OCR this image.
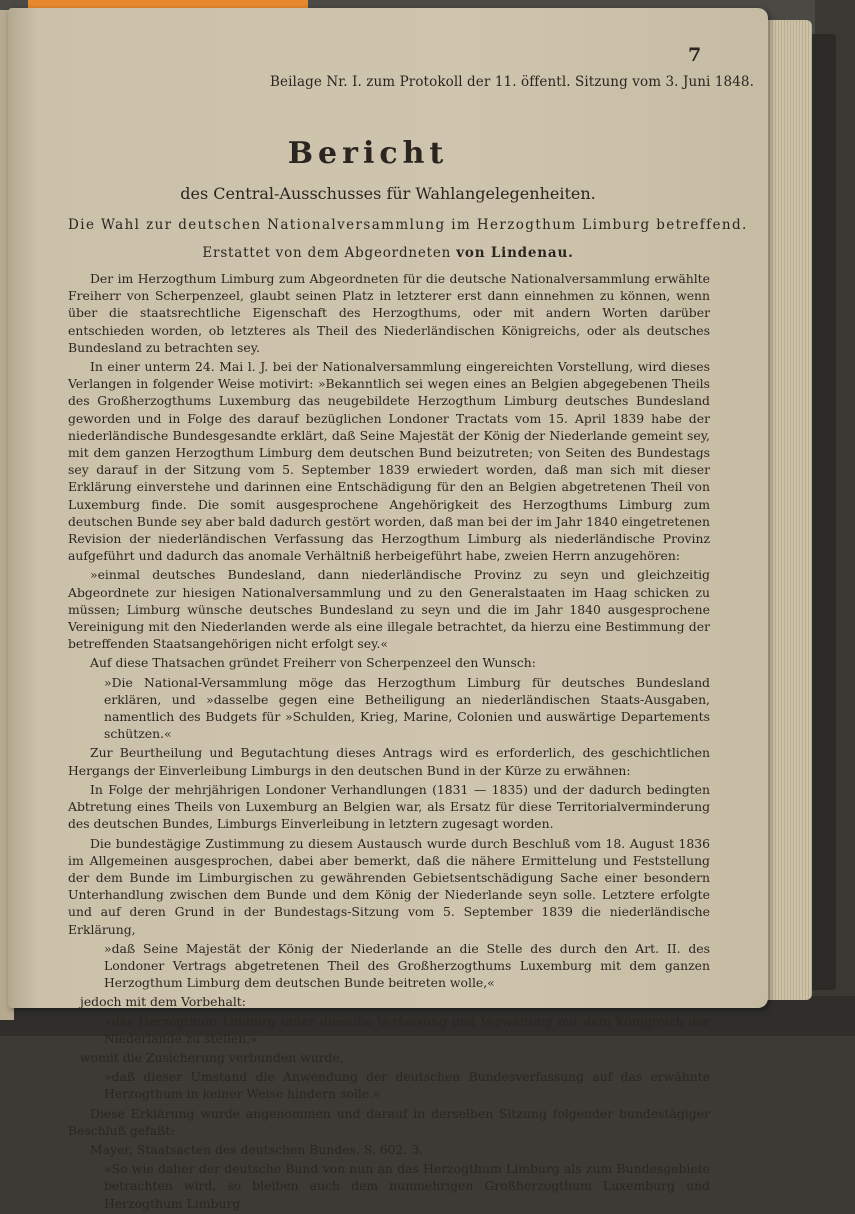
7
Beilage Nr. I. zum Protokoll der 11. öffentl. Sitzung vom 3. Juni 1848.
Bericht
des Central-Ausschusses für Wahlangelegenheiten.
Die Wahl zur deutschen Nationalversammlung im Herzogthum Limburg betreffend.
Erstattet von dem Abgeordneten von Lindenau.

Der im Herzogthum Limburg zum Abgeordneten für die deutsche Nationalversammlung erwählte Freiherr von Scherpenzeel, glaubt seinen Platz in letzterer erst dann einnehmen zu können, wenn über die staatsrechtliche Eigenschaft des Herzogthums, oder mit andern Worten darüber entschieden worden, ob letzteres als Theil des Niederländischen Königreichs, oder als deutsches Bundesland zu betrachten sey.

In einer unterm 24. Mai l. J. bei der Nationalversammlung eingereichten Vorstellung, wird dieses Verlangen in folgender Weise motivirt: »Bekanntlich sei wegen eines an Belgien abgegebenen Theils des Großherzogthums Luxemburg das neugebildete Herzogthum Limburg deutsches Bundesland geworden und in Folge des darauf bezüglichen Londoner Tractats vom 15. April 1839 habe der niederländische Bundesgesandte erklärt, daß Seine Majestät der König der Niederlande gemeint sey, mit dem ganzen Herzogthum Limburg dem deutschen Bund beizutreten; von Seiten des Bundestags sey darauf in der Sitzung vom 5. September 1839 erwiedert worden, daß man sich mit dieser Erklärung einverstehe und darinnen eine Entschädigung für den an Belgien abgetretenen Theil von Luxemburg finde. Die somit ausgesprochene Angehörigkeit des Herzogthums Limburg zum deutschen Bunde sey aber bald dadurch gestört worden, daß man bei der im Jahr 1840 eingetretenen Revision der niederländischen Verfassung das Herzogthum Limburg als niederländische Provinz aufgeführt und dadurch das anomale Verhältniß herbeigeführt habe, zweien Herrn anzugehören:

»einmal deutsches Bundesland, dann niederländische Provinz zu seyn und gleichzeitig Abgeordnete zur hiesigen Nationalversammlung und zu den Generalstaaten im Haag schicken zu müssen; Limburg wünsche deutsches Bundesland zu seyn und die im Jahr 1840 ausgesprochene Vereinigung mit den Niederlanden werde als eine illegale betrachtet, da hierzu eine Bestimmung der betreffenden Staatsangehörigen nicht erfolgt sey.«

Auf diese Thatsachen gründet Freiherr von Scherpenzeel den Wunsch:

»Die National-Versammlung möge das Herzogthum Limburg für deutsches Bundesland erklären, und »dasselbe gegen eine Betheiligung an niederländischen Staats-Ausgaben, namentlich des Budgets für »Schulden, Krieg, Marine, Colonien und auswärtige Departements schützen.«

Zur Beurtheilung und Begutachtung dieses Antrags wird es erforderlich, des geschichtlichen Hergangs der Einverleibung Limburgs in den deutschen Bund in der Kürze zu erwähnen:

In Folge der mehrjährigen Londoner Verhandlungen (1831 — 1835) und der dadurch bedingten Abtretung eines Theils von Luxemburg an Belgien war, als Ersatz für diese Territorialverminderung des deutschen Bundes, Limburgs Einverleibung in letztern zugesagt worden.

Die bundestägige Zustimmung zu diesem Austausch wurde durch Beschluß vom 18. August 1836 im Allgemeinen ausgesprochen, dabei aber bemerkt, daß die nähere Ermittelung und Feststellung der dem Bunde im Limburgischen zu gewährenden Gebietsentschädigung Sache einer besondern Unterhandlung zwischen dem Bunde und dem König der Niederlande seyn solle. Letztere erfolgte und auf deren Grund in der Bundestags-Sitzung vom 5. September 1839 die niederländische Erklärung,

»daß Seine Majestät der König der Niederlande an die Stelle des durch den Art. II. des Londoner Vertrags abgetretenen Theil des Großherzogthums Luxemburg mit dem ganzen Herzogthum Limburg dem deutschen Bunde beitreten wolle,«

jedoch mit dem Vorbehalt:

»das Herzogthum Limburg unter dieselbe Verfassung und Verwaltung mit dem Königreich der Niederlande zu stellen,«

womit die Zusicherung verbunden wurde,

»daß dieser Umstand die Anwendung der deutschen Bundesverfassung auf das erwähnte Herzogthum in keiner Weise hindern solle.«

Diese Erklärung wurde angenommen und darauf in derselben Sitzung folgender bundestägiger Beschluß gefaßt:

Mayer, Staatsacten des deutschen Bundes. S. 602. 3.

»So wie daher der deutsche Bund von nun an das Herzogthum Limburg als zum Bundesgebiete betrachten wird, so bleiben auch dem nunmehrigen Großherzogthum Luxemburg und Herzogthum Limburg
